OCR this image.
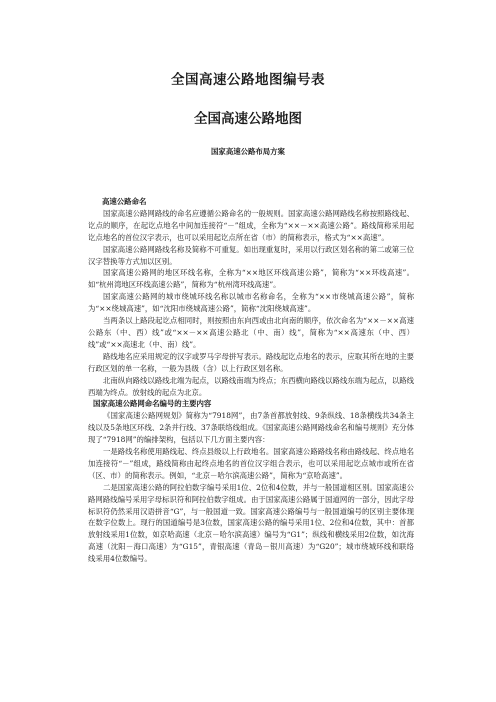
全国高速公路地图编号表
全国高速公路地图
国家高速公路布局方案
高速公路命名

国家高速公路网路线的命名应遵循公路命名的一般规则。国家高速公路网路线名称按照路线起、讫点的顺序，在起讫点地名中间加连接符“－”组成，全称为“××－××高速公路”。路线简称采用起讫点地名的首位汉字表示，也可以采用起讫点所在省（市）的简称表示，格式为“××高速”。

国家高速公路网路线名称及简称不可重复。如出现重复时，采用以行政区划名称的第二或第三位汉字替换等方式加以区别。

国家高速公路网的地区环线名称，全称为“××地区环线高速公路”，简称为“××环线高速”。如“杭州湾地区环线高速公路”，简称为“杭州湾环线高速”。

国家高速公路网的城市绕城环线名称以城市名称命名，全称为“××市绕城高速公路”，简称为“××绕城高速”，如“沈阳市绕城高速公路”，简称“沈阳绕城高速”。

当两条以上路段起讫点相同时，则按照由东向西或由北向南的顺序，依次命名为“××－××高速公路东（中、西）线”或“××－××高速公路北（中、南）线”，简称为“××高速东（中、西）线”或“××高速北（中、南）线”。

路线地名应采用规定的汉字或罗马字母拼写表示。路线起讫点地名的表示，应取其所在地的主要行政区划的单一名称，一般为县级（含）以上行政区划名称。

北南纵向路线以路线北端为起点，以路线南端为终点；东西横向路线以路线东端为起点，以路线西端为终点。放射线的起点为北京。

国家高速公路网命名编号的主要内容

《国家高速公路网规划》简称为“7918网”，由7条首都放射线、9条纵线、18条横线共34条主线以及5条地区环线、2条并行线、37条联络线组成。《国家高速公路网路线命名和编号规则》充分体现了“7918网”的编排架构，包括以下几方面主要内容：

一是路线名称使用路线起、终点县级以上行政地名。国家高速公路路线名称由路线起、终点地名加连接符“－”组成，路线简称由起终点地名的首位汉字组合表示，也可以采用起讫点城市或所在省（区、市）的简称表示。例如，“北京－哈尔滨高速公路”，简称为“京哈高速”。

二是国家高速公路的阿拉伯数字编号采用1位、2位和4位数，并与一般国道相区别。国家高速公路网路线编号采用字母标识符和阿拉伯数字组成。由于国家高速公路属于国道网的一部分，因此字母标识符仍然采用汉语拼音“G”，与一般国道一致。国家高速公路编号与一般国道编号的区别主要体现在数字位数上。现行的国道编号是3位数，国家高速公路的编号采用1位、2位和4位数，其中：首都放射线采用1位数，如京哈高速（北京－哈尔滨高速）编号为“G1”；纵线和横线采用2位数，如沈海高速（沈阳－海口高速）为“G15”，青银高速（青岛－银川高速）为“G20”；城市绕城环线和联络线采用4位数编号。
